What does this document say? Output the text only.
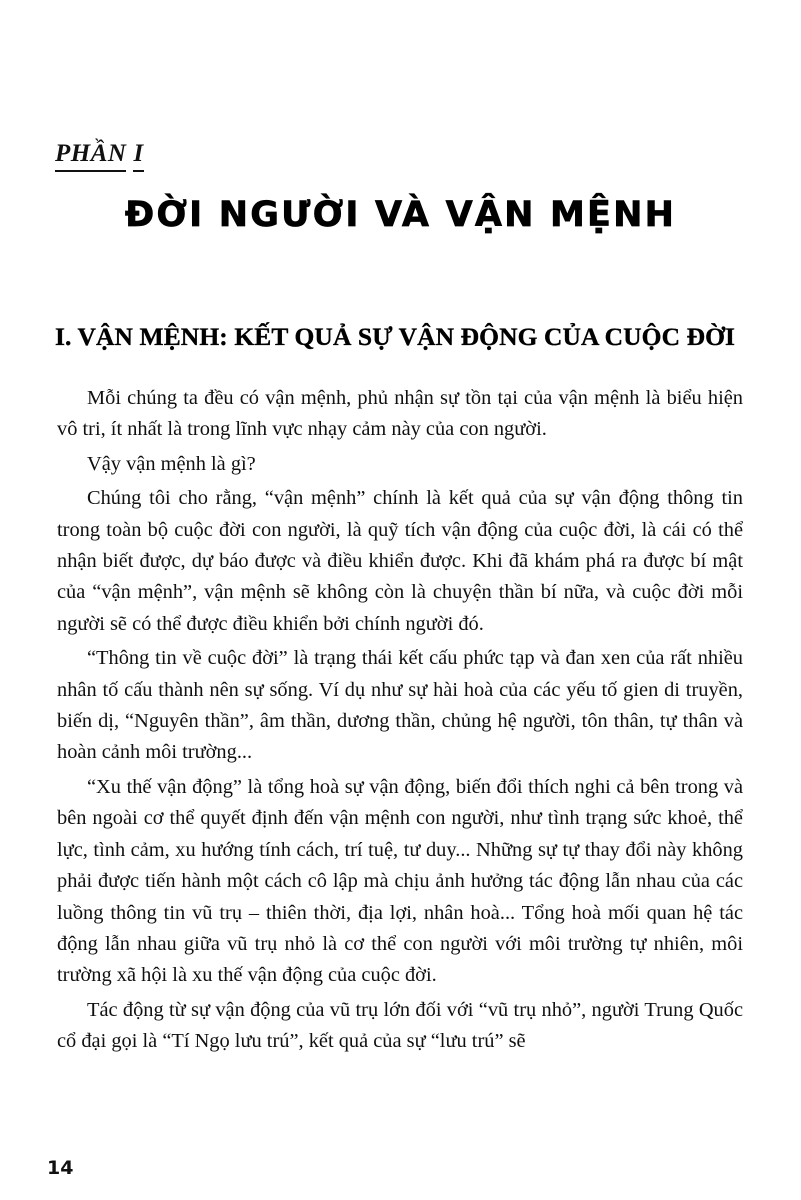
PHẦN I
ĐỜI NGƯỜI VÀ VẬN MỆNH
I. VẬN MỆNH: KẾT QUẢ SỰ VẬN ĐỘNG CỦA CUỘC ĐỜI

Mỗi chúng ta đều có vận mệnh, phủ nhận sự tồn tại của vận mệnh là biểu hiện vô tri, ít nhất là trong lĩnh vực nhạy cảm này của con người.

Vậy vận mệnh là gì?

Chúng tôi cho rằng, “vận mệnh” chính là kết quả của sự vận động thông tin trong toàn bộ cuộc đời con người, là quỹ tích vận động của cuộc đời, là cái có thể nhận biết được, dự báo được và điều khiển được. Khi đã khám phá ra được bí mật của “vận mệnh”, vận mệnh sẽ không còn là chuyện thần bí nữa, và cuộc đời mỗi người sẽ có thể được điều khiển bởi chính người đó.

“Thông tin về cuộc đời” là trạng thái kết cấu phức tạp và đan xen của rất nhiều nhân tố cấu thành nên sự sống. Ví dụ như sự hài hoà của các yếu tố gien di truyền, biến dị, “Nguyên thần”, âm thần, dương thần, chủng hệ người, tôn thân, tự thân và hoàn cảnh môi trường...

“Xu thế vận động” là tổng hoà sự vận động, biến đổi thích nghi cả bên trong và bên ngoài cơ thể quyết định đến vận mệnh con người, như tình trạng sức khoẻ, thể lực, tình cảm, xu hướng tính cách, trí tuệ, tư duy... Những sự tự thay đổi này không phải được tiến hành một cách cô lập mà chịu ảnh hưởng tác động lẫn nhau của các luồng thông tin vũ trụ – thiên thời, địa lợi, nhân hoà... Tổng hoà mối quan hệ tác động lẫn nhau giữa vũ trụ nhỏ là cơ thể con người với môi trường tự nhiên, môi trường xã hội là xu thế vận động của cuộc đời.

Tác động từ sự vận động của vũ trụ lớn đối với “vũ trụ nhỏ”, người Trung Quốc cổ đại gọi là “Tí Ngọ lưu trú”, kết quả của sự “lưu trú” sẽ

14
